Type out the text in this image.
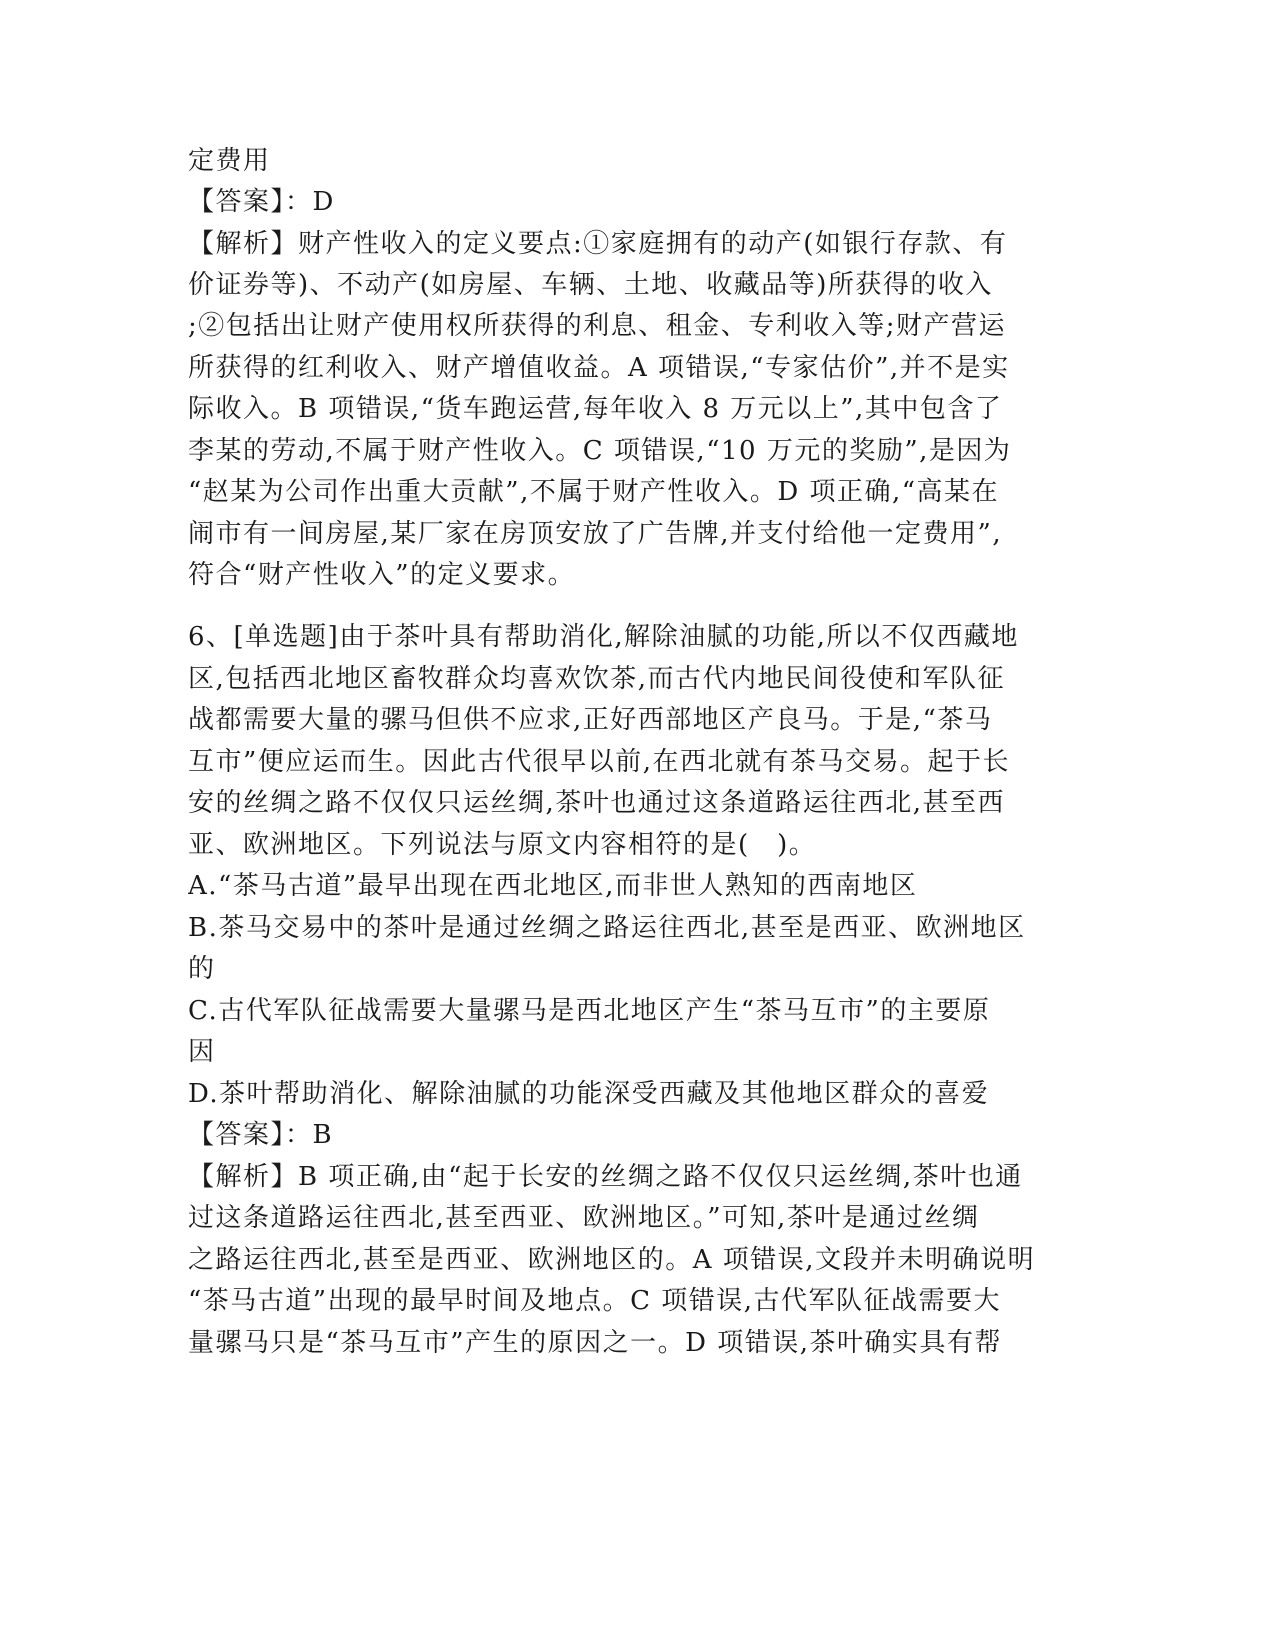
定费用
【答案】：D
【解析】财产性收入的定义要点:①家庭拥有的动产(如银行存款、有
价证券等)、不动产(如房屋、车辆、土地、收藏品等)所获得的收入
;②包括出让财产使用权所获得的利息、租金、专利收入等;财产营运
所获得的红利收入、财产增值收益。A 项错误,“专家估价”,并不是实
际收入。B 项错误,“货车跑运营,每年收入 8 万元以上”,其中包含了
李某的劳动,不属于财产性收入。C 项错误,“10 万元的奖励”,是因为
“赵某为公司作出重大贡献”,不属于财产性收入。D 项正确,“高某在
闹市有一间房屋,某厂家在房顶安放了广告牌,并支付给他一定费用”,
符合“财产性收入”的定义要求。
6、[单选题]由于茶叶具有帮助消化,解除油腻的功能,所以不仅西藏地
区,包括西北地区畜牧群众均喜欢饮茶,而古代内地民间役使和军队征
战都需要大量的骡马但供不应求,正好西部地区产良马。于是,“茶马
互市”便应运而生。因此古代很早以前,在西北就有茶马交易。起于长
安的丝绸之路不仅仅只运丝绸,茶叶也通过这条道路运往西北,甚至西
亚、欧洲地区。下列说法与原文内容相符的是(　)。
A.“茶马古道”最早出现在西北地区,而非世人熟知的西南地区
B.茶马交易中的茶叶是通过丝绸之路运往西北,甚至是西亚、欧洲地区
的
C.古代军队征战需要大量骡马是西北地区产生“茶马互市”的主要原
因
D.茶叶帮助消化、解除油腻的功能深受西藏及其他地区群众的喜爱
【答案】：B
【解析】B 项正确,由“起于长安的丝绸之路不仅仅只运丝绸,茶叶也通
过这条道路运往西北,甚至西亚、欧洲地区。”可知,茶叶是通过丝绸
之路运往西北,甚至是西亚、欧洲地区的。A 项错误,文段并未明确说明
“茶马古道”出现的最早时间及地点。C 项错误,古代军队征战需要大
量骡马只是“茶马互市”产生的原因之一。D 项错误,茶叶确实具有帮
